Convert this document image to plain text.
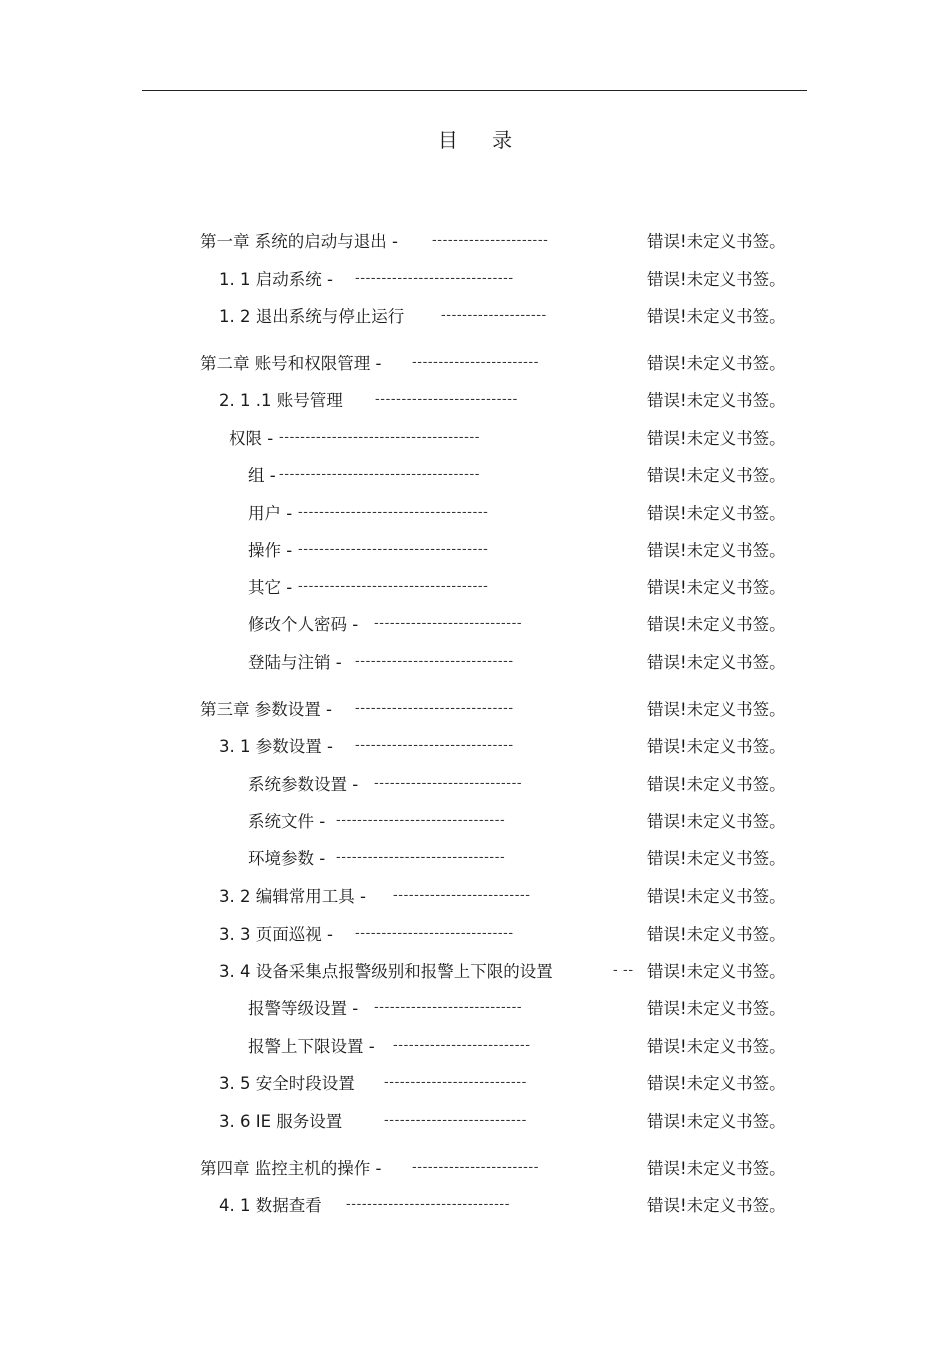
目 录
第一章 系统的启动与退出 -	----------------------	错误!未定义书签。
1. 1 启动系统 - ------------------------------	错误!未定义书签。
1. 2 退出系统与停止运行	--------------------	错误!未定义书签。
第二章 账号和权限管理 - ------------------------	错误!未定义书签。
2. 1 .1 账号管理 ---------------------------	错误!未定义书签。
权限 - --------------------------------------	错误!未定义书签。
组 - --------------------------------------	错误!未定义书签。
用户 - ------------------------------------	错误!未定义书签。
操作 - ------------------------------------	错误!未定义书签。
其它 - ------------------------------------	错误!未定义书签。
修改个人密码 - ----------------------------	错误!未定义书签。
登陆与注销 - ------------------------------	错误!未定义书签。
第三章 参数设置 - ------------------------------	错误!未定义书签。
3. 1 参数设置 - ------------------------------	错误!未定义书签。
系统参数设置 - ----------------------------	错误!未定义书签。
系统文件 - --------------------------------	错误!未定义书签。
环境参数 - --------------------------------	错误!未定义书签。
3. 2 编辑常用工具 - --------------------------	错误!未定义书签。
3. 3 页面巡视 - ------------------------------	错误!未定义书签。
3. 4 设备采集点报警级别和报警上下限的设置	- -- 错误!未定义书签。
报警等级设置 - ----------------------------	错误!未定义书签。
报警上下限设置 - --------------------------	错误!未定义书签。
3. 5 安全时段设置 ---------------------------	错误!未定义书签。
3. 6 IE 服务设置	---------------------------	错误!未定义书签。
第四章 监控主机的操作 - ------------------------	错误!未定义书签。
4. 1 数据查看 -------------------------------	错误!未定义书签。
